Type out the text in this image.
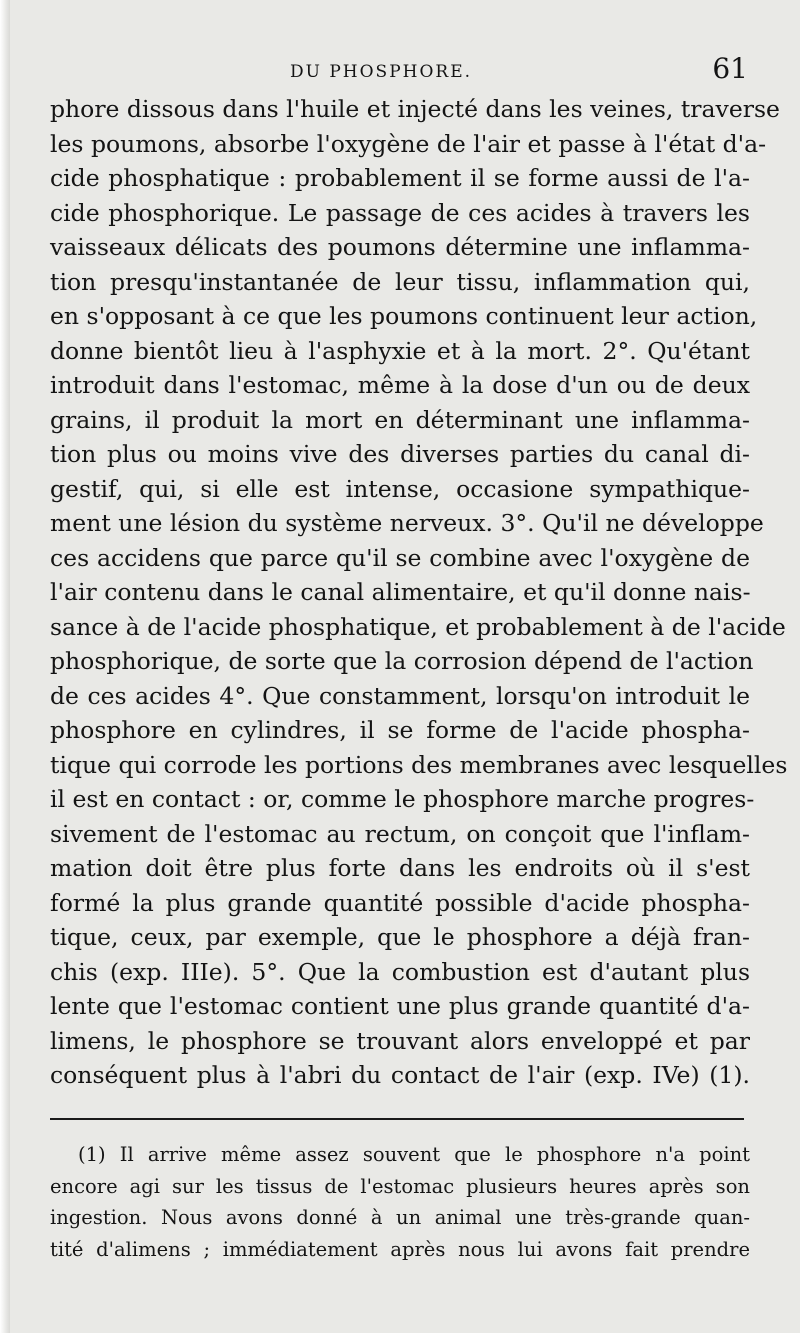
DU PHOSPHORE.	61
phore dissous dans l'huile et injecté dans les veines, traverse
les poumons, absorbe l'oxygène de l'air et passe à l'état d'a-
cide phosphatique : probablement il se forme aussi de l'a-
cide phosphorique. Le passage de ces acides à travers les
vaisseaux délicats des poumons détermine une inflamma-
tion presqu'instantanée de leur tissu, inflammation qui,
en s'opposant à ce que les poumons continuent leur action,
donne bientôt lieu à l'asphyxie et à la mort. 2°. Qu'étant
introduit dans l'estomac, même à la dose d'un ou de deux
grains, il produit la mort en déterminant une inflamma-
tion plus ou moins vive des diverses parties du canal di-
gestif, qui, si elle est intense, occasione sympathique-
ment une lésion du système nerveux. 3°. Qu'il ne développe
ces accidens que parce qu'il se combine avec l'oxygène de
l'air contenu dans le canal alimentaire, et qu'il donne nais-
sance à de l'acide phosphatique, et probablement à de l'acide
phosphorique, de sorte que la corrosion dépend de l'action
de ces acides 4°. Que constamment, lorsqu'on introduit le
phosphore en cylindres, il se forme de l'acide phospha-
tique qui corrode les portions des membranes avec lesquelles
il est en contact : or, comme le phosphore marche progres-
sivement de l'estomac au rectum, on conçoit que l'inflam-
mation doit être plus forte dans les endroits où il s'est
formé la plus grande quantité possible d'acide phospha-
tique, ceux, par exemple, que le phosphore a déjà fran-
chis (exp. IIIe). 5°. Que la combustion est d'autant plus
lente que l'estomac contient une plus grande quantité d'a-
limens, le phosphore se trouvant alors enveloppé et par
conséquent plus à l'abri du contact de l'air (exp. IVe) (1).
(1) Il arrive même assez souvent que le phosphore n'a point
encore agi sur les tissus de l'estomac plusieurs heures après son
ingestion. Nous avons donné à un animal une très-grande quan-
tité d'alimens ; immédiatement après nous lui avons fait prendre
